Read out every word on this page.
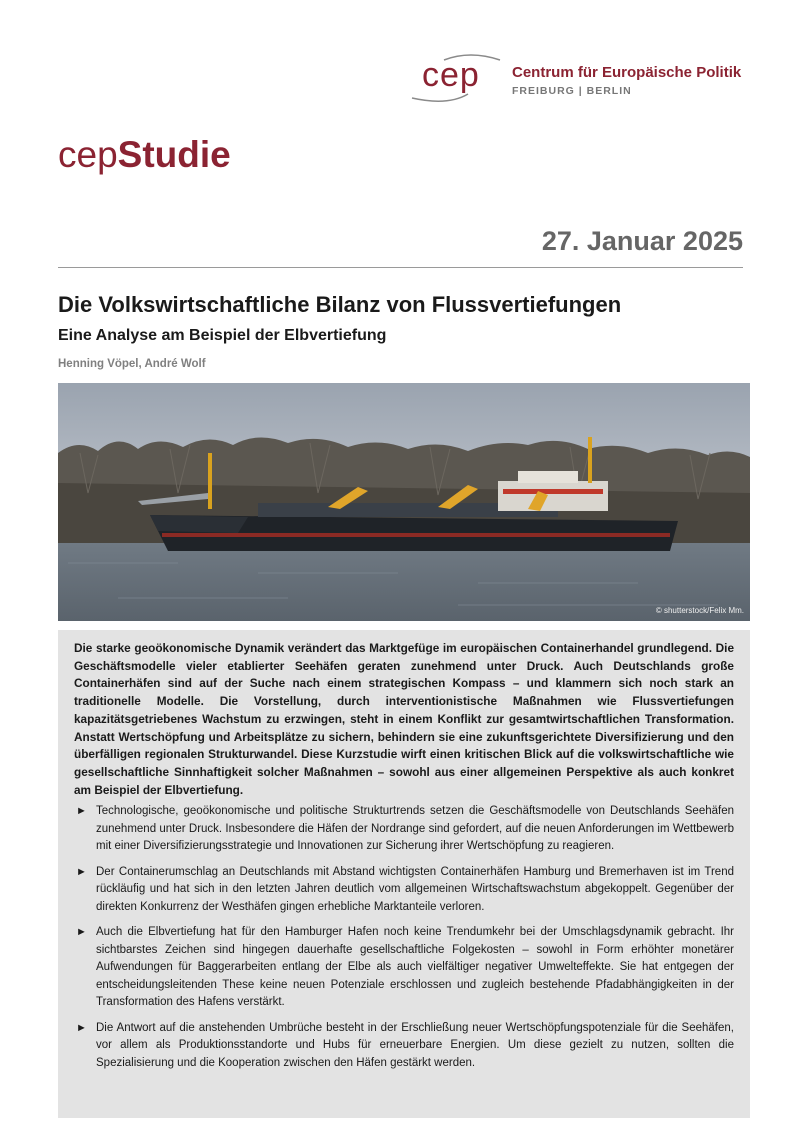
cep Centrum für Europäische Politik
FREIBURG | BERLIN
cepStudie
27. Januar 2025
Die Volkswirtschaftliche Bilanz von Flussvertiefungen
Eine Analyse am Beispiel der Elbvertiefung
Henning Vöpel, André Wolf
© shutterstock/Felix Mm.

Die starke geoökonomische Dynamik verändert das Marktgefüge im europäischen Containerhandel grundlegend. Die Geschäftsmodelle vieler etablierter Seehäfen geraten zunehmend unter Druck. Auch Deutschlands große Containerhäfen sind auf der Suche nach einem strategischen Kompass – und klammern sich noch stark an traditionelle Modelle. Die Vorstellung, durch interventionistische Maßnahmen wie Flussvertiefungen kapazitätsgetriebenes Wachstum zu erzwingen, steht in einem Konflikt zur gesamtwirtschaftlichen Transformation. Anstatt Wertschöpfung und Arbeitsplätze zu sichern, behindern sie eine zukunftsgerichtete Diversifizierung und den überfälligen regionalen Strukturwandel. Diese Kurzstudie wirft einen kritischen Blick auf die volkswirtschaftliche wie gesellschaftliche Sinnhaftigkeit solcher Maßnahmen – sowohl aus einer allgemeinen Perspektive als auch konkret am Beispiel der Elbvertiefung.

► Technologische, geoökonomische und politische Strukturtrends setzen die Geschäftsmodelle von Deutschlands Seehäfen zunehmend unter Druck. Insbesondere die Häfen der Nordrange sind gefordert, auf die neuen Anforderungen im Wettbewerb mit einer Diversifizierungsstrategie und Innovationen zur Sicherung ihrer Wertschöpfung zu reagieren.
► Der Containerumschlag an Deutschlands mit Abstand wichtigsten Containerhäfen Hamburg und Bremerhaven ist im Trend rückläufig und hat sich in den letzten Jahren deutlich vom allgemeinen Wirtschaftswachstum abgekoppelt. Gegenüber der direkten Konkurrenz der Westhäfen gingen erhebliche Marktanteile verloren.
► Auch die Elbvertiefung hat für den Hamburger Hafen noch keine Trendumkehr bei der Umschlagsdynamik gebracht. Ihr sichtbarstes Zeichen sind hingegen dauerhafte gesellschaftliche Folgekosten – sowohl in Form erhöhter monetärer Aufwendungen für Baggerarbeiten entlang der Elbe als auch vielfältiger negativer Umwelteffekte. Sie hat entgegen der entscheidungsleitenden These keine neuen Potenziale erschlossen und zugleich bestehende Pfadabhängigkeiten in der Transformation des Hafens verstärkt.
► Die Antwort auf die anstehenden Umbrüche besteht in der Erschließung neuer Wertschöpfungspotenziale für die Seehäfen, vor allem als Produktionsstandorte und Hubs für erneuerbare Energien. Um diese gezielt zu nutzen, sollten die Spezialisierung und die Kooperation zwischen den Häfen gestärkt werden.
